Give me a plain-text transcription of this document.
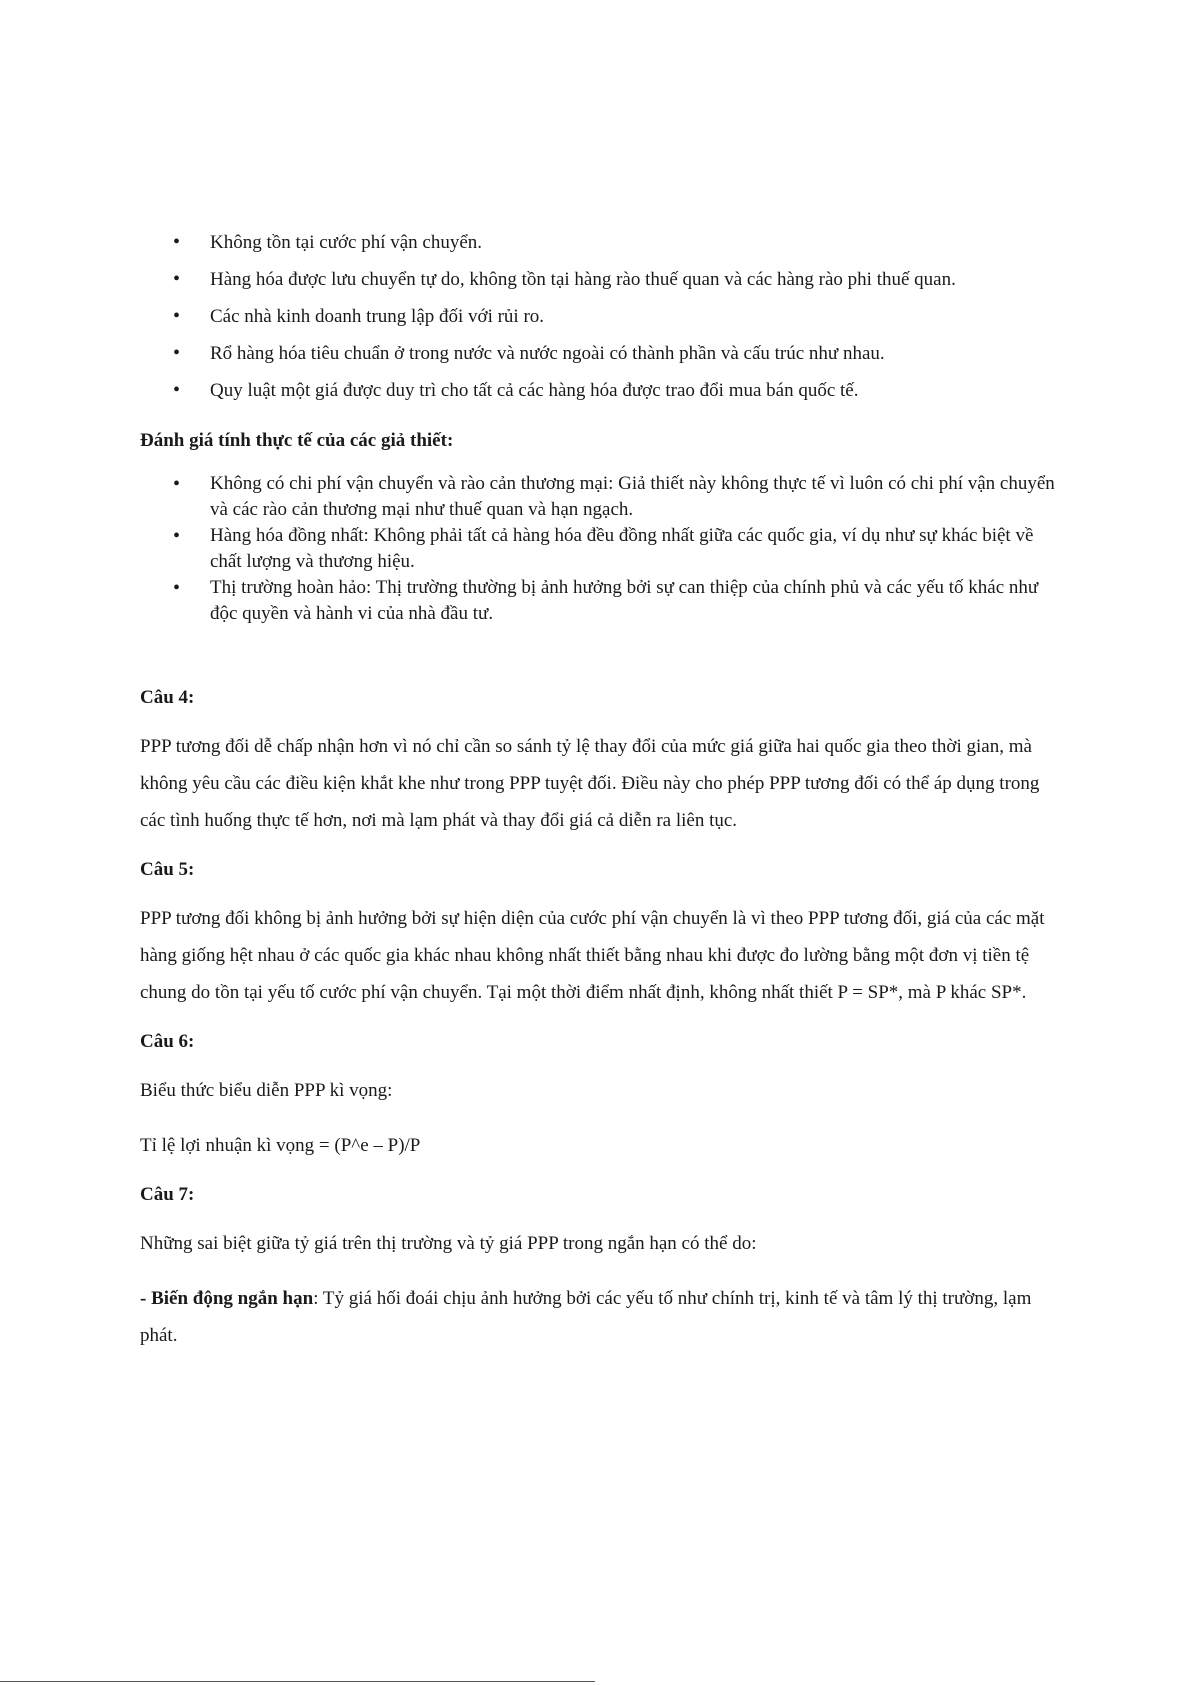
• Không tồn tại cước phí vận chuyển.
• Hàng hóa được lưu chuyển tự do, không tồn tại hàng rào thuế quan và các hàng rào phi thuế quan.
• Các nhà kinh doanh trung lập đối với rủi ro.
• Rổ hàng hóa tiêu chuẩn ở trong nước và nước ngoài có thành phần và cấu trúc như nhau.
• Quy luật một giá được duy trì cho tất cả các hàng hóa được trao đổi mua bán quốc tế.
Đánh giá tính thực tế của các giả thiết:
• Không có chi phí vận chuyển và rào cản thương mại: Giả thiết này không thực tế vì luôn có chi phí vận chuyển và các rào cản thương mại như thuế quan và hạn ngạch.
• Hàng hóa đồng nhất: Không phải tất cả hàng hóa đều đồng nhất giữa các quốc gia, ví dụ như sự khác biệt về chất lượng và thương hiệu.
• Thị trường hoàn hảo: Thị trường thường bị ảnh hưởng bởi sự can thiệp của chính phủ và các yếu tố khác như độc quyền và hành vi của nhà đầu tư.
Câu 4:
PPP tương đối dễ chấp nhận hơn vì nó chỉ cần so sánh tỷ lệ thay đổi của mức giá giữa hai quốc gia theo thời gian, mà không yêu cầu các điều kiện khắt khe như trong PPP tuyệt đối. Điều này cho phép PPP tương đối có thể áp dụng trong các tình huống thực tế hơn, nơi mà lạm phát và thay đổi giá cả diễn ra liên tục.
Câu 5:
PPP tương đối không bị ảnh hưởng bởi sự hiện diện của cước phí vận chuyển là vì theo PPP tương đối, giá của các mặt hàng giống hệt nhau ở các quốc gia khác nhau không nhất thiết bằng nhau khi được đo lường bằng một đơn vị tiền tệ chung do tồn tại yếu tố cước phí vận chuyển. Tại một thời điểm nhất định, không nhất thiết P = SP*, mà P khác SP*.
Câu 6:
Biểu thức biểu diễn PPP kì vọng:
Tỉ lệ lợi nhuận kì vọng = (P^e – P)/P
Câu 7:
Những sai biệt giữa tỷ giá trên thị trường và tỷ giá PPP trong ngắn hạn có thể do:
- Biến động ngắn hạn: Tỷ giá hối đoái chịu ảnh hưởng bởi các yếu tố như chính trị, kinh tế và tâm lý thị trường, lạm phát.
